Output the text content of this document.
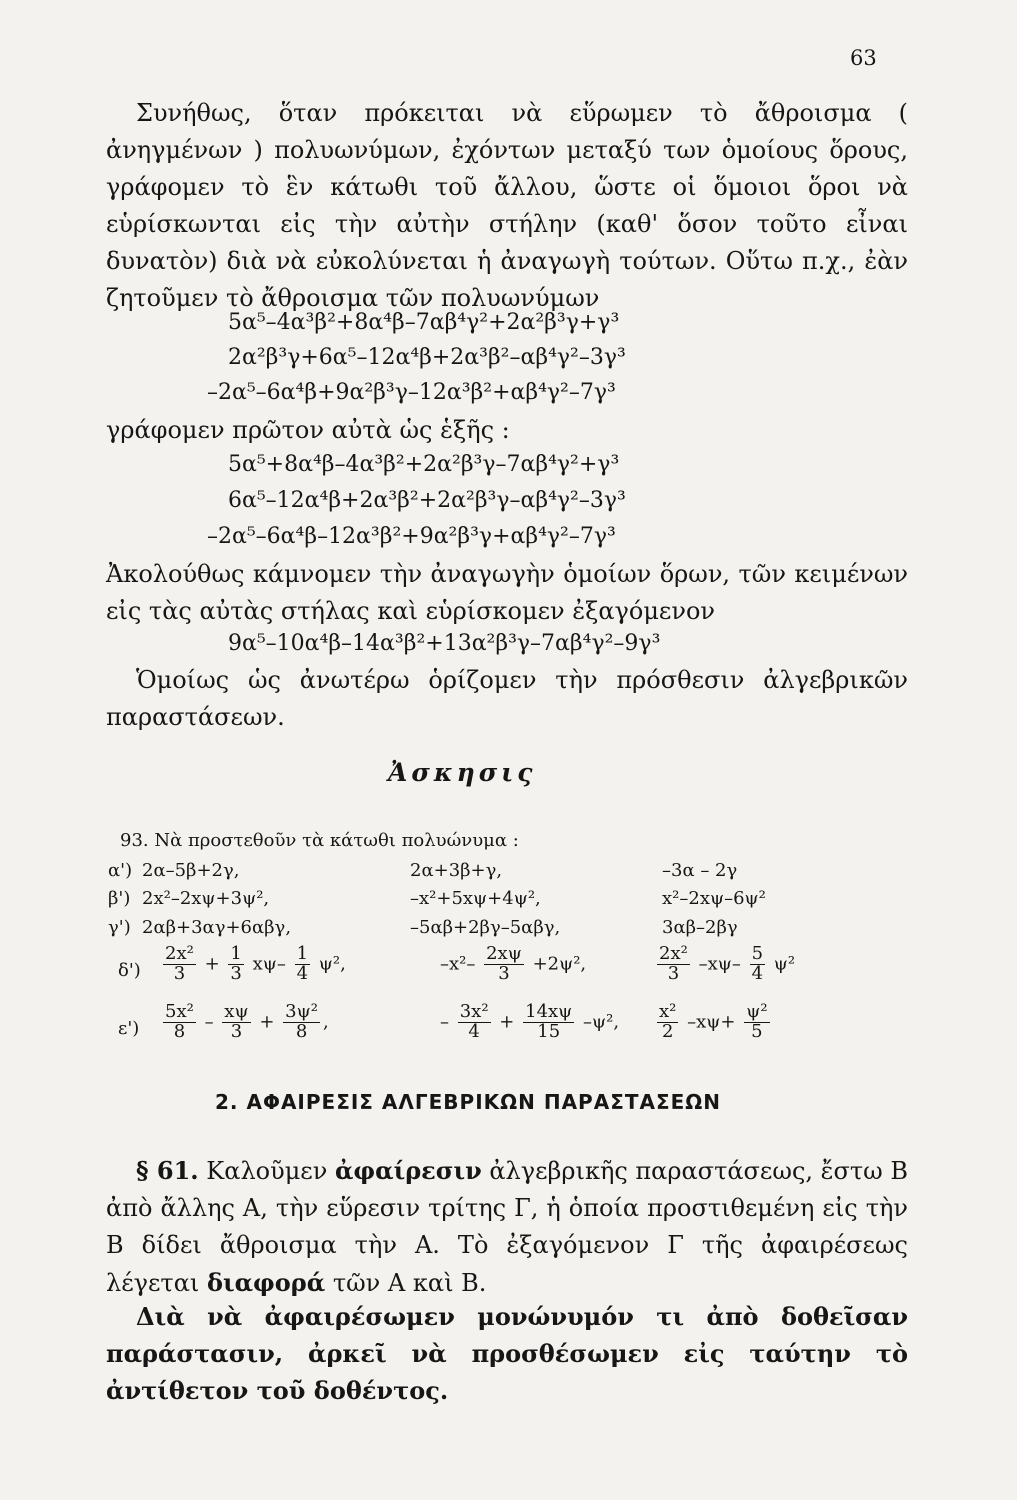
63
Συνήθως, ὅταν πρόκειται νὰ εὕρωμεν τὸ ἄθροισμα ( ἀνηγμένων ) πολυωνύμων, ἐχόντων μεταξύ των ὁμοίους ὅρους, γράφομεν τὸ ἓν κάτωθι τοῦ ἄλλου, ὥστε οἱ ὅμοιοι ὅροι νὰ εὑρίσκωνται εἰς τὴν αὐτὴν στήλην (καθ' ὅσον τοῦτο εἶναι δυνατὸν) διὰ νὰ εὐκολύνεται ἡ ἀναγωγὴ τούτων. Οὕτω π.χ., ἐὰν ζητοῦμεν τὸ ἄθροισμα τῶν πολυωνύμων
5α⁵–4α³β²+8α⁴β–7αβ⁴γ²+2α²β³γ+γ³
2α²β³γ+6α⁵–12α⁴β+2α³β²–αβ⁴γ²–3γ³
–2α⁵–6α⁴β+9α²β³γ–12α³β²+αβ⁴γ²–7γ³
γράφομεν πρῶτον αὐτὰ ὡς ἑξῆς :
5α⁵+8α⁴β–4α³β²+2α²β³γ–7αβ⁴γ²+γ³
6α⁵–12α⁴β+2α³β²+2α²β³γ–αβ⁴γ²–3γ³
–2α⁵–6α⁴β–12α³β²+9α²β³γ+αβ⁴γ²–7γ³
Ἀκολούθως κάμνομεν τὴν ἀναγωγὴν ὁμοίων ὅρων, τῶν κειμένων εἰς τὰς αὐτὰς στήλας καὶ εὑρίσκομεν ἐξαγόμενον
9α⁵–10α⁴β–14α³β²+13α²β³γ–7αβ⁴γ²–9γ³
Ὁμοίως ὡς ἀνωτέρω ὁρίζομεν τὴν πρόσθεσιν ἀλγεβρικῶν παραστάσεων.
Ἀσκησις
93. Νὰ προστεθοῦν τὰ κάτωθι πολυώνυμα :
α') 2α–5β+2γ,	2α+3β+γ,	–3α – 2γ
β') 2x²–2xψ+3ψ²,	–x²+5xψ+4ψ²,	x²–2xψ–6ψ²
γ') 2αβ+3αγ+6αβγ,	–5αβ+2βγ–5αβγ,	3αβ–2βγ
$\delta') \frac{\text{2x²}}{3} + \frac{1}{3} x\psi- \frac{1}{4} \psi^2$,	$-x^2- \frac{2x\psi}{3} +2\psi^2$,	$\frac{\text{2x²}}{3} -x\psi- \frac{5}{4} \psi^2$
$\varepsilon') \frac{\text{5x²}}{8} - \frac{x\psi}{3} + \frac{\text{3ψ²}}{8}$ ,	– $\frac{\text{3x²}}{4} + \frac{14x\psi}{15} -\psi^2$, $\frac{\text{x²}}{2} -x\psi+ \frac{\text{ψ²}}{5}$
2. ΑΦΑΙΡΕΣΙΣ ΑΛΓΕΒΡΙΚΩΝ ΠΑΡΑΣΤΑΣΕΩΝ
§ 61. Καλοῦμεν ἀφαίρεσιν ἀλγεβρικῆς παραστάσεως, ἔστω B ἀπὸ ἄλλης A, τὴν εὕρεσιν τρίτης Γ, ἡ ὁποία προστιθεμένη εἰς τὴν B δίδει ἄθροισμα τὴν A. Τὸ ἐξαγόμενον Γ τῆς ἀφαιρέσεως λέγεται διαφορά τῶν A καὶ B.
Διὰ νὰ ἀφαιρέσωμεν μονώνυμόν τι ἀπὸ δοθεῖσαν παράστασιν, ἀρκεῖ νὰ προσθέσωμεν εἰς ταύτην τὸ ἀντίθετον τοῦ δοθέντος.
